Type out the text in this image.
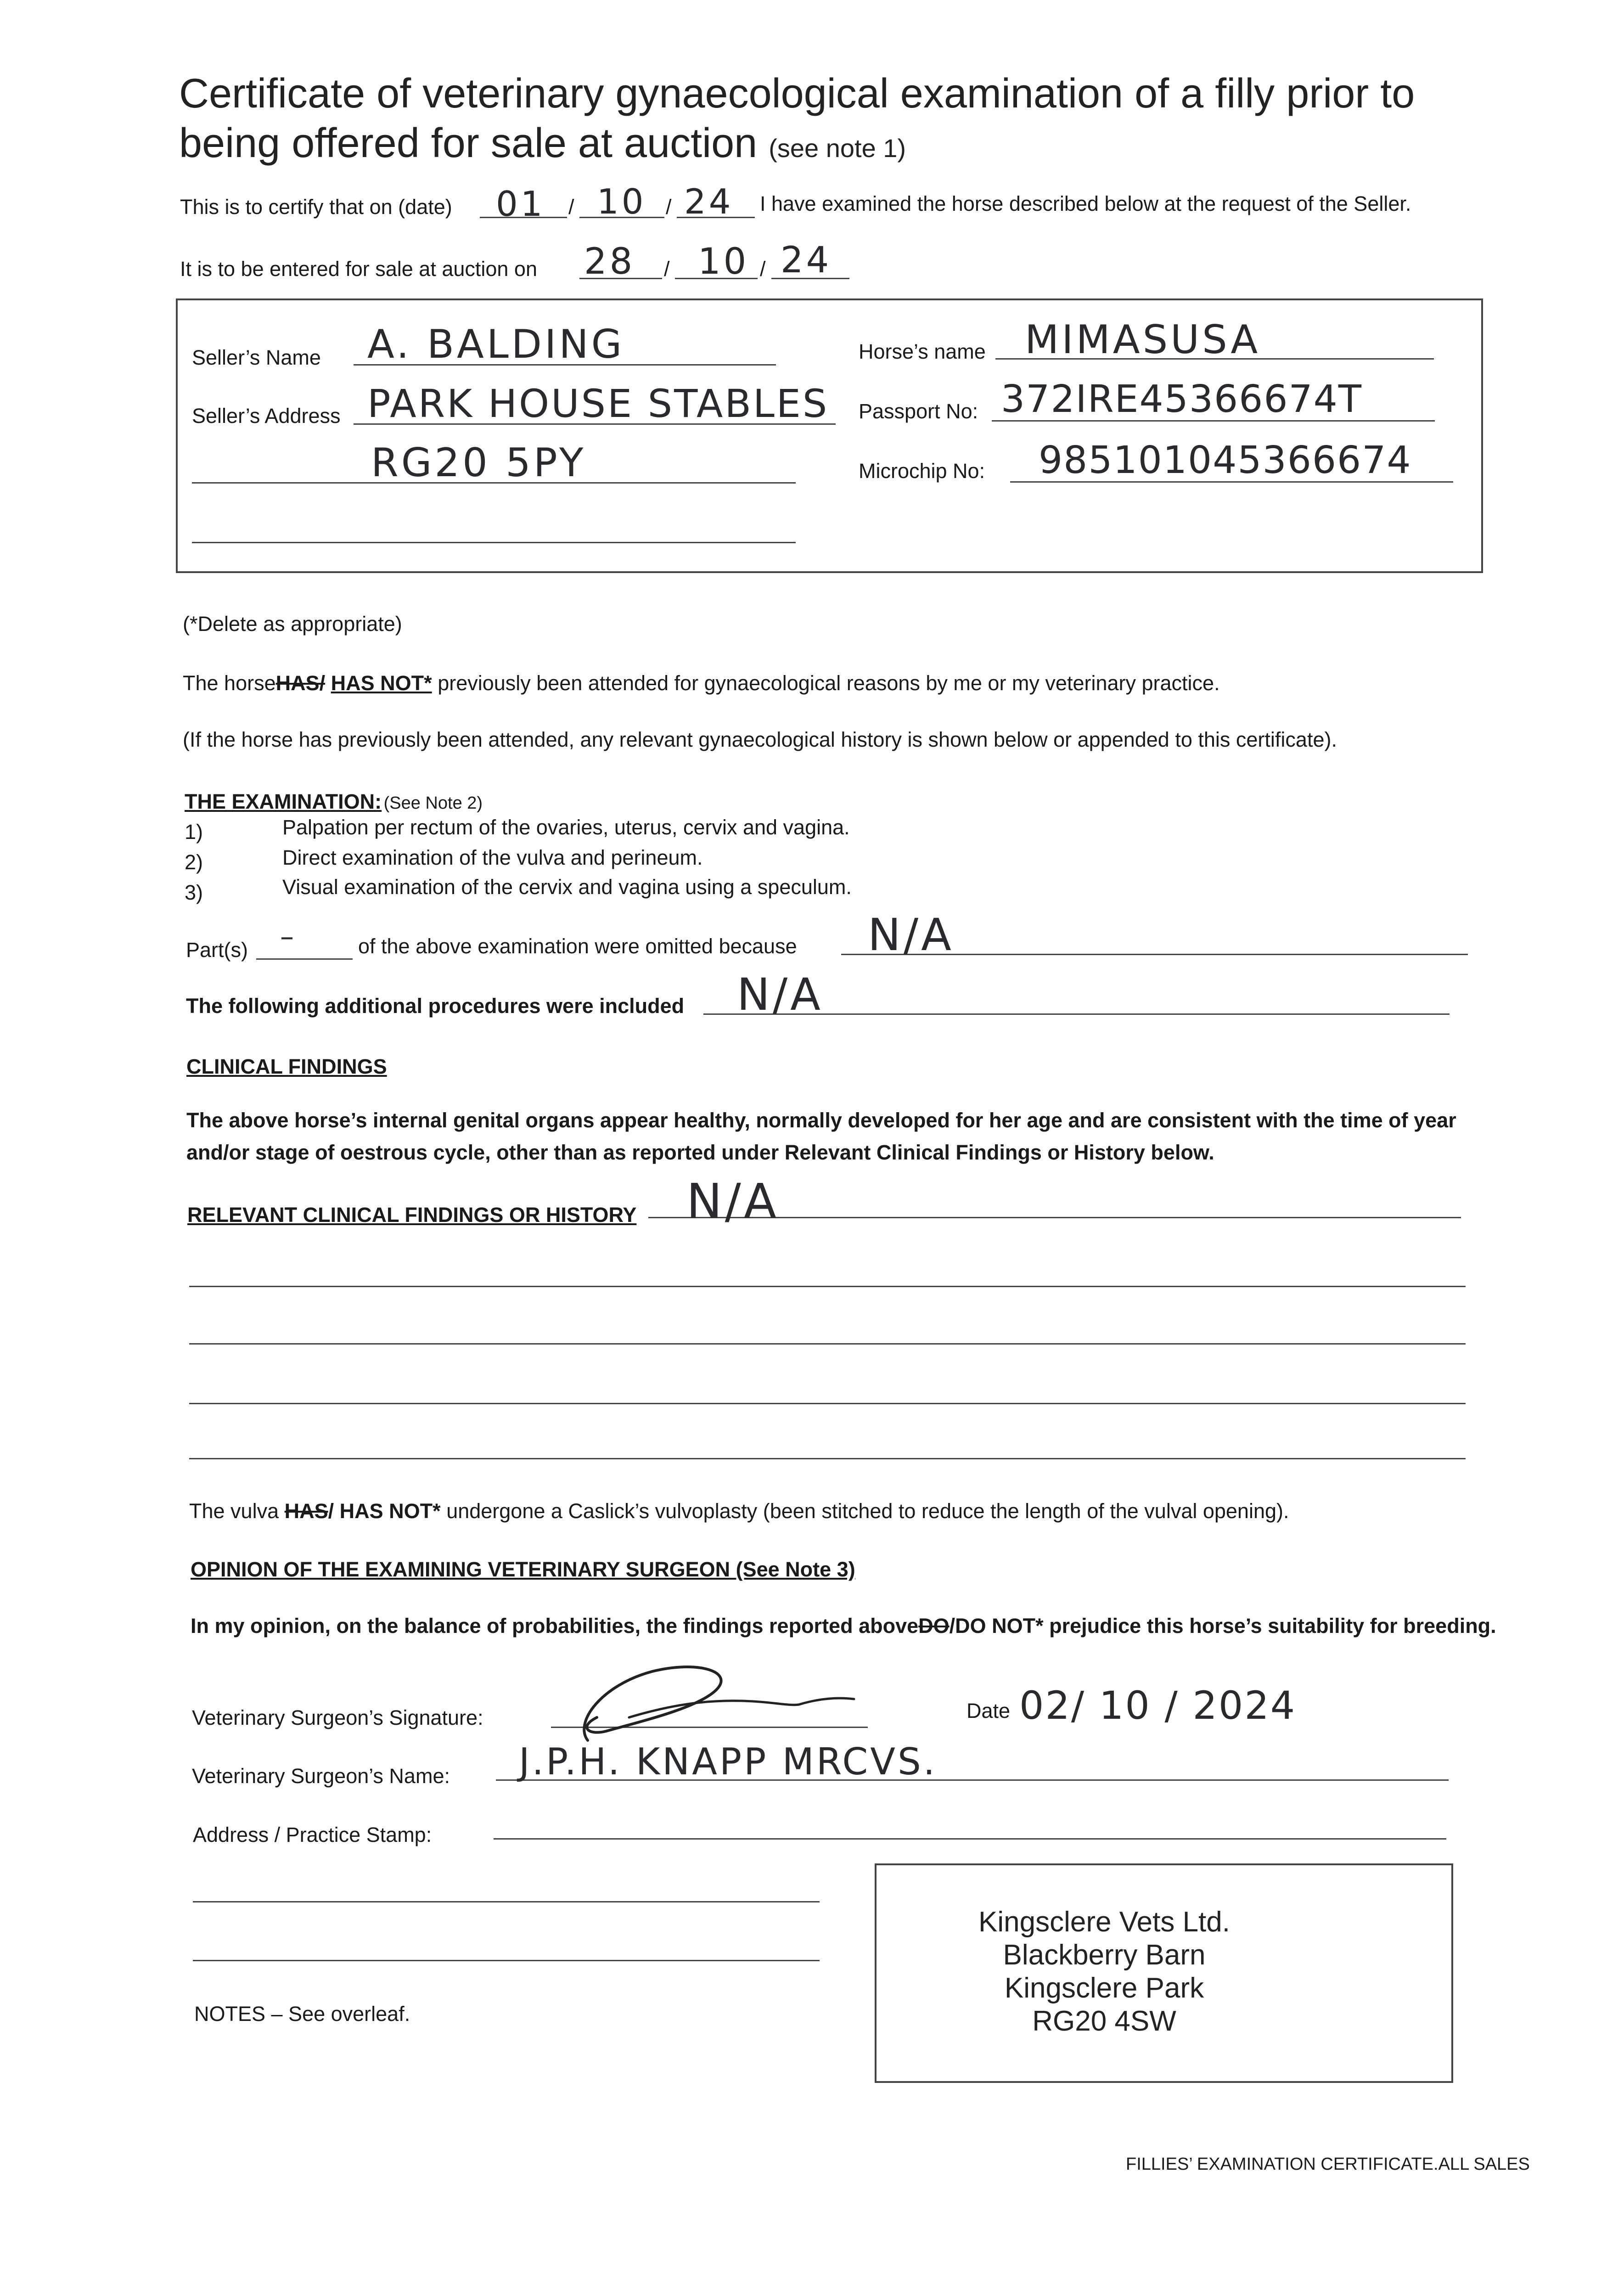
Certificate of veterinary gynaecological examination of a filly prior to being offered for sale at auction (see note 1)
This is to certify that on (date) 01 / 10 / 24 I have examined the horse described below at the request of the Seller.
It is to be entered for sale at auction on 28 / 10 / 24
Seller’s Name A. BALDING
Seller’s Address PARK HOUSE STABLES
RG20 5PY
Horse’s name MIMASUSA
Passport No: 372IRE45366674T
Microchip No: 985101045366674
(*Delete as appropriate)
The horseHAS/ HAS NOT* previously been attended for gynaecological reasons by me or my veterinary practice.
(If the horse has previously been attended, any relevant gynaecological history is shown below or appended to this certificate).
THE EXAMINATION: (See Note 2)
1)	Palpation per rectum of the ovaries, uterus, cervix and vagina.
2)	Direct examination of the vulva and perineum.
3)	Visual examination of the cervix and vagina using a speculum.
Part(s) –	of the above examination were omitted because N/A
The following additional procedures were included N/A
CLINICAL FINDINGS
The above horse’s internal genital organs appear healthy, normally developed for her age and are consistent with the time of year and/or stage of oestrous cycle, other than as reported under Relevant Clinical Findings or History below.
RELEVANT CLINICAL FINDINGS OR HISTORY N/A
The vulva HAS/ HAS NOT* undergone a Caslick’s vulvoplasty (been stitched to reduce the length of the vulval opening).
OPINION OF THE EXAMINING VETERINARY SURGEON (See Note 3)
In my opinion, on the balance of probabilities, the findings reported aboveDO/DO NOT* prejudice this horse’s suitability for breeding.
Veterinary Surgeon’s Signature:	Date 02/ 10 / 2024
Veterinary Surgeon’s Name: J.P.H. KNAPP MRCVS.
Address / Practice Stamp:
Kingsclere Vets Ltd.
Blackberry Barn
Kingsclere Park
RG20 4SW
NOTES – See overleaf.
FILLIES’ EXAMINATION CERTIFICATE.ALL SALES
